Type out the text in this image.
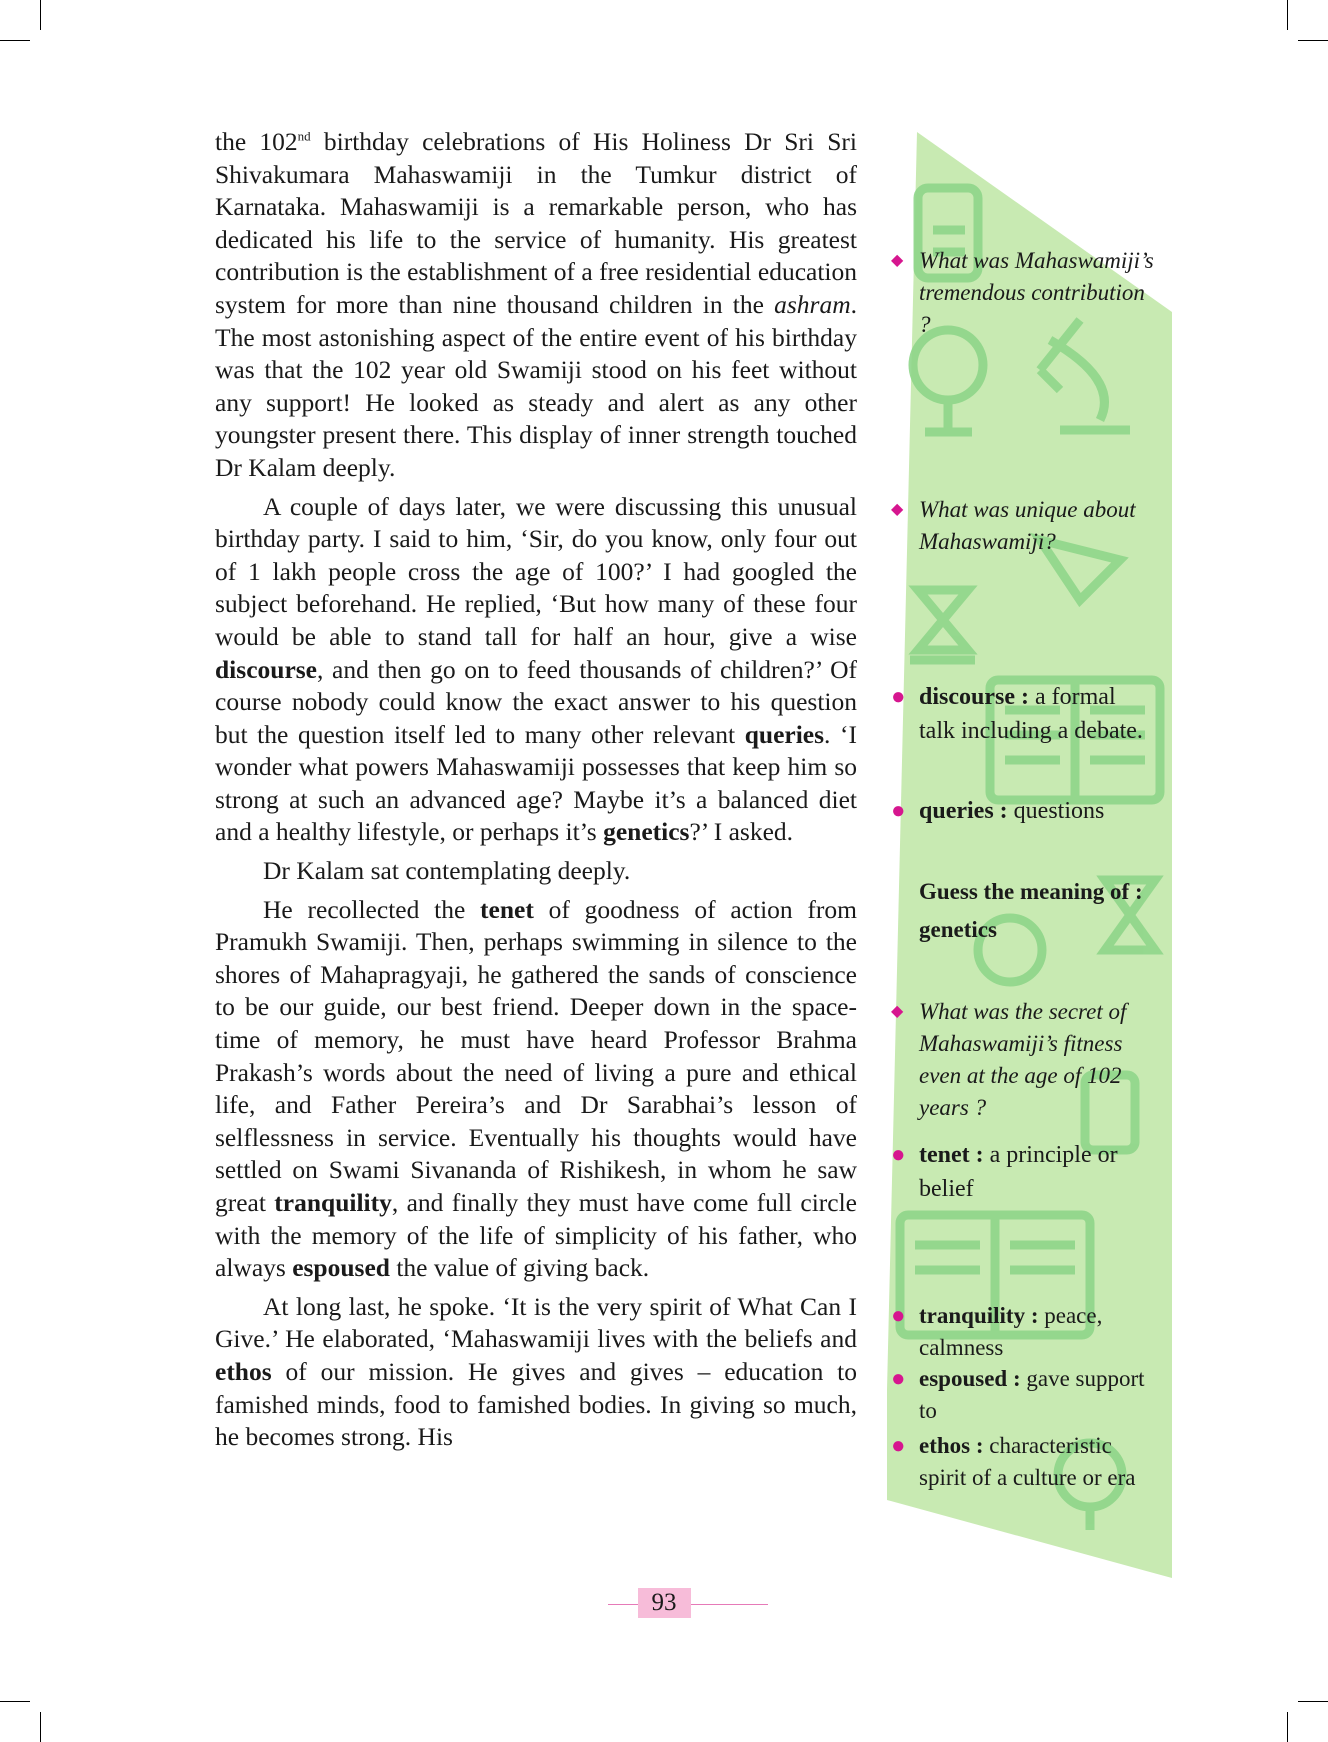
the 102nd birthday celebrations of His Holiness Dr Sri Sri Shivakumara Mahaswamiji in the Tumkur district of Karnataka. Mahaswamiji is a remarkable person, who has dedicated his life to the service of humanity. His greatest contribution is the establishment of a free residential education system for more than nine thousand children in the ashram. The most astonishing aspect of the entire event of his birthday was that the 102 year old Swamiji stood on his feet without any support! He looked as steady and alert as any other youngster present there. This display of inner strength touched Dr Kalam deeply.

A couple of days later, we were discussing this unusual birthday party. I said to him, ‘Sir, do you know, only four out of 1 lakh people cross the age of 100?’ I had googled the subject beforehand. He replied, ‘But how many of these four would be able to stand tall for half an hour, give a wise discourse, and then go on to feed thousands of children?’ Of course nobody could know the exact answer to his question but the question itself led to many other relevant queries. ‘I wonder what powers Mahaswamiji possesses that keep him so strong at such an advanced age? Maybe it’s a balanced diet and a healthy lifestyle, or perhaps it’s genetics?’ I asked.

Dr Kalam sat contemplating deeply.

He recollected the tenet of goodness of action from Pramukh Swamiji. Then, perhaps swimming in silence to the shores of Mahapragyaji, he gathered the sands of conscience to be our guide, our best friend. Deeper down in the space-time of memory, he must have heard Professor Brahma Prakash’s words about the need of living a pure and ethical life, and Father Pereira’s and Dr Sarabhai’s lesson of selflessness in service. Eventually his thoughts would have settled on Swami Sivananda of Rishikesh, in whom he saw great tranquility, and finally they must have come full circle with the memory of the life of simplicity of his father, who always espoused the value of giving back.

At long last, he spoke. ‘It is the very spirit of What Can I Give.’ He elaborated, ‘Mahaswamiji lives with the beliefs and ethos of our mission. He gives and gives – education to famished minds, food to famished bodies. In giving so much, he becomes strong. His

◆ What was Mahaswamiji’s tremendous contribution ?
◆ What was unique about Mahaswamiji?
● discourse : a formal talk including a debate.
● queries : questions
Guess the meaning of :
genetics
◆ What was the secret of Mahaswamiji’s fitness even at the age of 102 years ?
● tenet : a principle or belief
● tranquility : peace, calmness
● espoused : gave support to
● ethos : characteristic spirit of a culture or era
93
